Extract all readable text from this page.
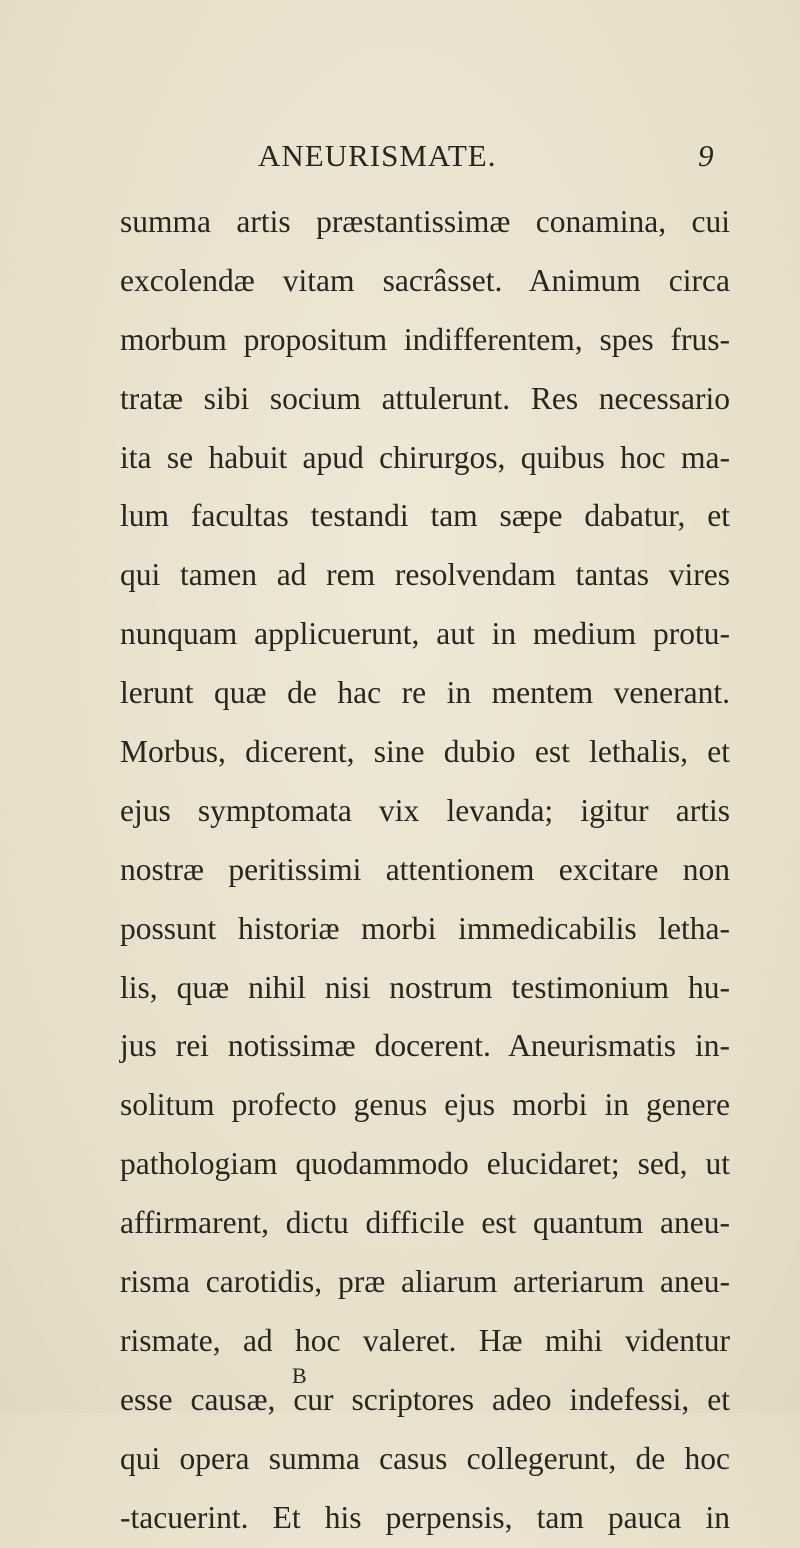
ANEURISMATE.	9
summa artis præstantissimæ conamina, cui
excolendæ vitam sacrâsset. Animum circa
morbum propositum indifferentem, spes frus-
tratæ sibi socium attulerunt. Res necessario
ita se habuit apud chirurgos, quibus hoc ma-
lum facultas testandi tam sæpe dabatur, et
qui tamen ad rem resolvendam tantas vires
nunquam applicuerunt, aut in medium protu-
lerunt quæ de hac re in mentem venerant.
Morbus, dicerent, sine dubio est lethalis, et
ejus symptomata vix levanda; igitur artis
nostræ peritissimi attentionem excitare non
possunt historiæ morbi immedicabilis letha-
lis, quæ nihil nisi nostrum testimonium hu-
jus rei notissimæ docerent. Aneurismatis in-
solitum profecto genus ejus morbi in genere
pathologiam quodammodo elucidaret; sed, ut
affirmarent, dictu difficile est quantum aneu-
risma carotidis, præ aliarum arteriarum aneu-
rismate, ad hoc valeret. Hæ mihi videntur
esse causæ, cur scriptores adeo indefessi, et
qui opera summa casus collegerunt, de hoc
-tacuerint. Et his perpensis, tam pauca in
B
